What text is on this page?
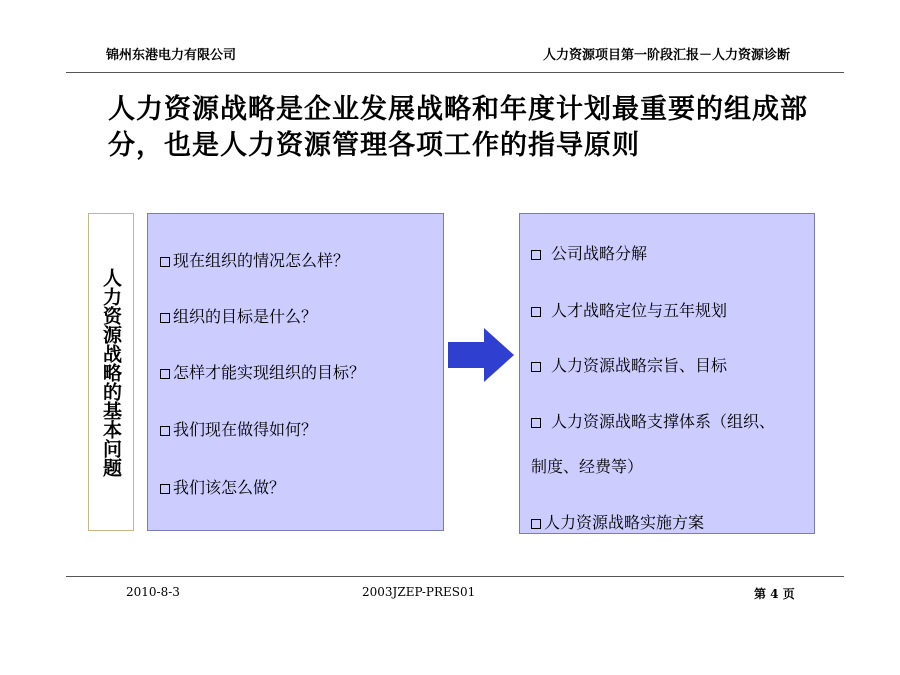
锦州东港电力有限公司	人力资源项目第一阶段汇报－人力资源诊断
人力资源战略是企业发展战略和年度计划最重要的组成部分，也是人力资源管理各项工作的指导原则
人力资源战略的基本问题
现在组织的情况怎么样？
组织的目标是什么？
怎样才能实现组织的目标？
我们现在做得如何？
我们该怎么做？
公司战略分解
人才战略定位与五年规划
人力资源战略宗旨、目标
人力资源战略支撑体系（组织、
制度、经费等）
人力资源战略实施方案
2010-8-3	2003JZEP-PRES01	第 4 页
